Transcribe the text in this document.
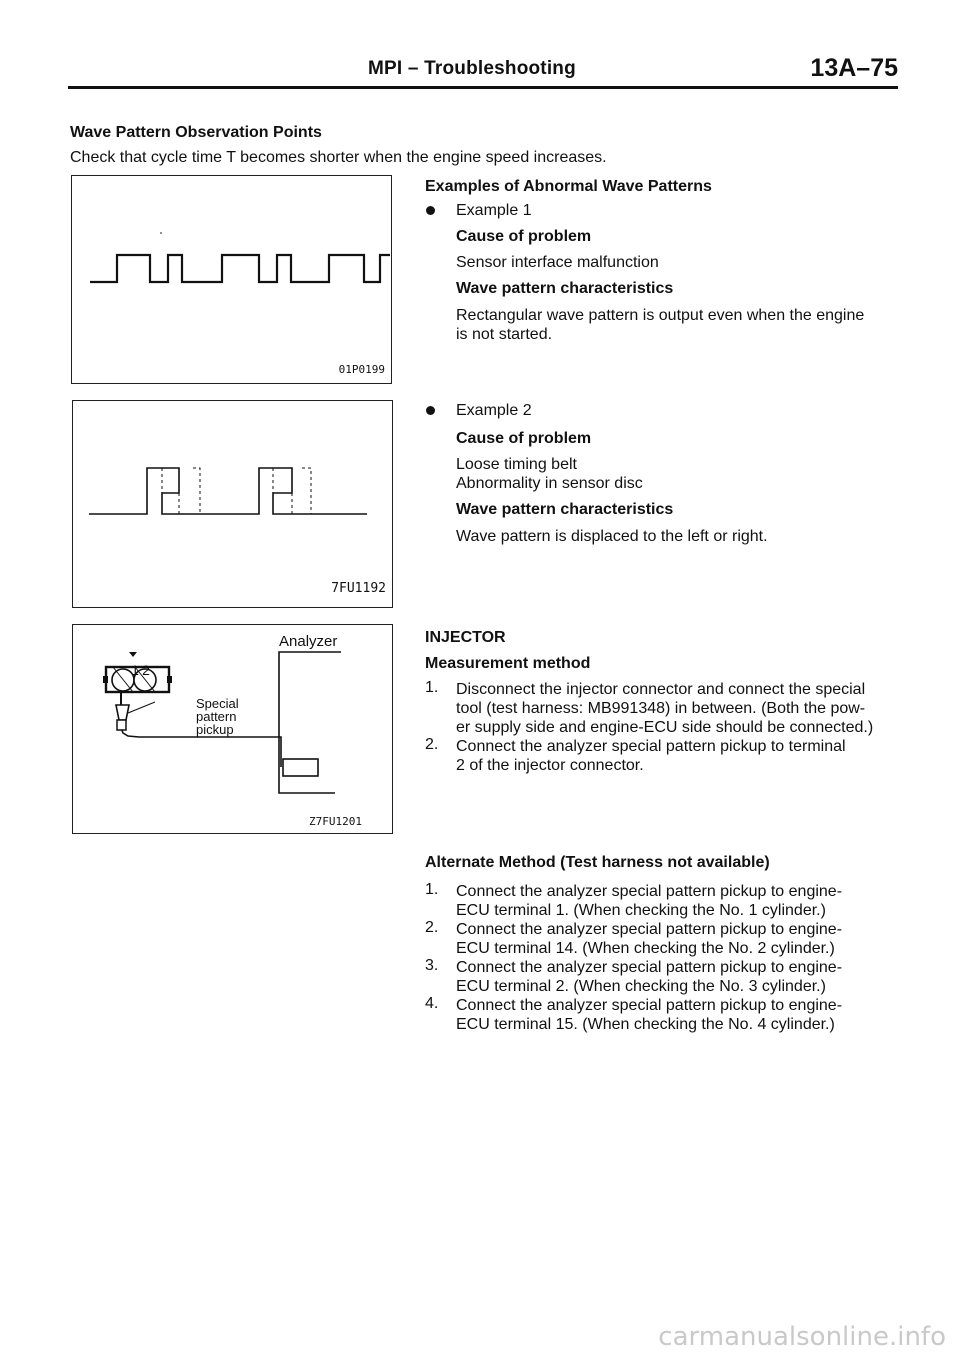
MPI – Troubleshooting	13A–75
Wave Pattern Observation Points
Check that cycle time T becomes shorter when the engine speed increases.
01P0199
7FU1192
Analyzer
1 2
Special
pattern
pickup
Z7FU1201
Examples of Abnormal Wave Patterns
Example 1
Cause of problem
Sensor interface malfunction
Wave pattern characteristics
Rectangular wave pattern is output even when the engine
is not started.
Example 2
Cause of problem
Loose timing belt
Abnormality in sensor disc
Wave pattern characteristics
Wave pattern is displaced to the left or right.
INJECTOR
Measurement method
1. Disconnect the injector connector and connect the special
tool (test harness: MB991348) in between. (Both the pow-
er supply side and engine-ECU side should be connected.)
2. Connect the analyzer special pattern pickup to terminal
2 of the injector connector.
Alternate Method (Test harness not available)
1. Connect the analyzer special pattern pickup to engine-
ECU terminal 1. (When checking the No. 1 cylinder.)
2. Connect the analyzer special pattern pickup to engine-
ECU terminal 14. (When checking the No. 2 cylinder.)
3. Connect the analyzer special pattern pickup to engine-
ECU terminal 2. (When checking the No. 3 cylinder.)
4. Connect the analyzer special pattern pickup to engine-
ECU terminal 15. (When checking the No. 4 cylinder.)
carmanualsonline.info
